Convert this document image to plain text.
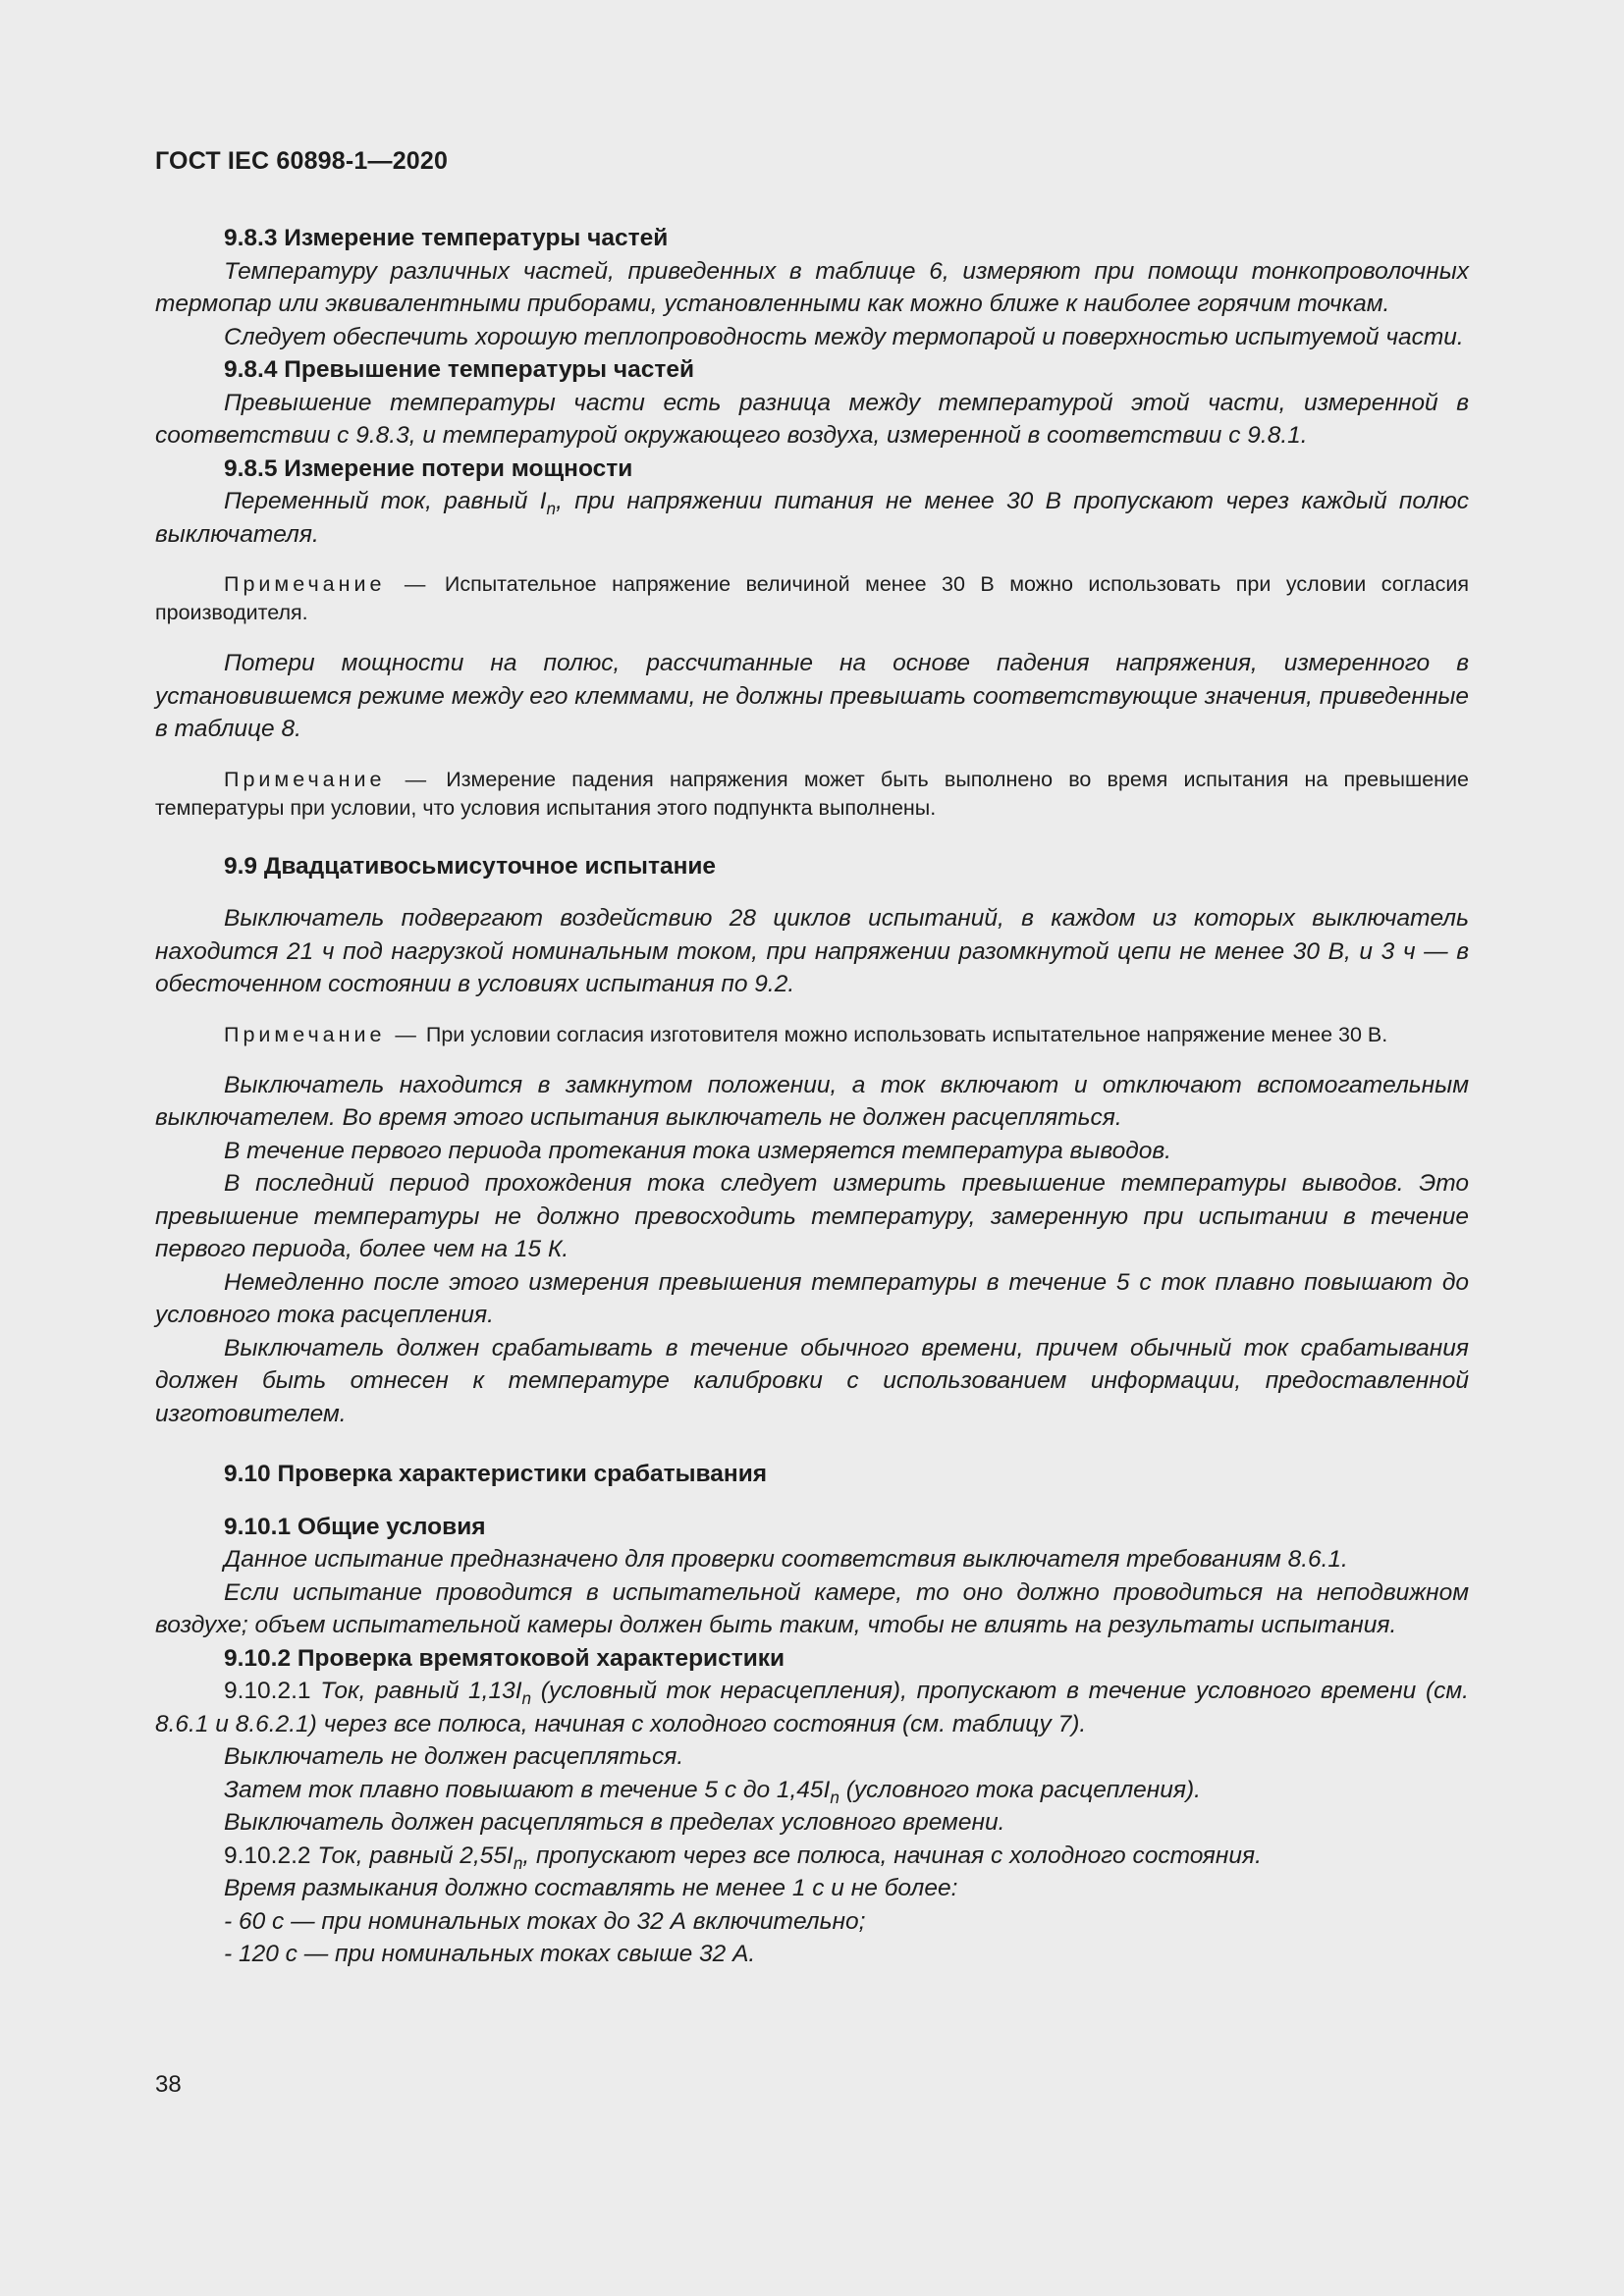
ГОСТ IEC 60898-1—2020

9.8.3 Измерение температуры частей

Температуру различных частей, приведенных в таблице 6, измеряют при помощи тонкопроволочных термопар или эквивалентными приборами, установленными как можно ближе к наиболее горячим точкам.

Следует обеспечить хорошую теплопроводность между термопарой и поверхностью испытуемой части.

9.8.4 Превышение температуры частей

Превышение температуры части есть разница между температурой этой части, измеренной в соответствии с 9.8.3, и температурой окружающего воздуха, измеренной в соответствии с 9.8.1.

9.8.5 Измерение потери мощности

Переменный ток, равный $I_n$, при напряжении питания не менее 30 В пропускают через каждый полюс выключателя.

Примечание — Испытательное напряжение величиной менее 30 В можно использовать при условии согласия производителя.

Потери мощности на полюс, рассчитанные на основе падения напряжения, измеренного в установившемся режиме между его клеммами, не должны превышать соответствующие значения, приведенные в таблице 8.

Примечание — Измерение падения напряжения может быть выполнено во время испытания на превышение температуры при условии, что условия испытания этого подпункта выполнены.

9.9 Двадцативосьмисуточное испытание

Выключатель подвергают воздействию 28 циклов испытаний, в каждом из которых выключатель находится 21 ч под нагрузкой номинальным током, при напряжении разомкнутой цепи не менее 30 В, и 3 ч — в обесточенном состоянии в условиях испытания по 9.2.

Примечание — При условии согласия изготовителя можно использовать испытательное напряжение менее 30 В.

Выключатель находится в замкнутом положении, а ток включают и отключают вспомогательным выключателем. Во время этого испытания выключатель не должен расцепляться.

В течение первого периода протекания тока измеряется температура выводов.

В последний период прохождения тока следует измерить превышение температуры выводов. Это превышение температуры не должно превосходить температуру, замеренную при испытании в течение первого периода, более чем на 15 К.

Немедленно после этого измерения превышения температуры в течение 5 с ток плавно повышают до условного тока расцепления.

Выключатель должен срабатывать в течение обычного времени, причем обычный ток срабатывания должен быть отнесен к температуре калибровки с использованием информации, предоставленной изготовителем.

9.10 Проверка характеристики срабатывания

9.10.1 Общие условия

Данное испытание предназначено для проверки соответствия выключателя требованиям 8.6.1.

Если испытание проводится в испытательной камере, то оно должно проводиться на неподвижном воздухе; объем испытательной камеры должен быть таким, чтобы не влиять на результаты испытания.

9.10.2 Проверка времятоковой характеристики

9.10.2.1 Ток, равный $1,13I_n$ (условный ток нерасцепления), пропускают в течение условного времени (см. 8.6.1 и 8.6.2.1) через все полюса, начиная с холодного состояния (см. таблицу 7).

Выключатель не должен расцепляться.

Затем ток плавно повышают в течение 5 с до $1,45I_n$ (условного тока расцепления).

Выключатель должен расцепляться в пределах условного времени.

9.10.2.2 Ток, равный $2,55I_n$, пропускают через все полюса, начиная с холодного состояния.

Время размыкания должно составлять не менее 1 с и не более:

- 60 с — при номинальных токах до 32 А включительно;

- 120 с — при номинальных токах свыше 32 А.

38
